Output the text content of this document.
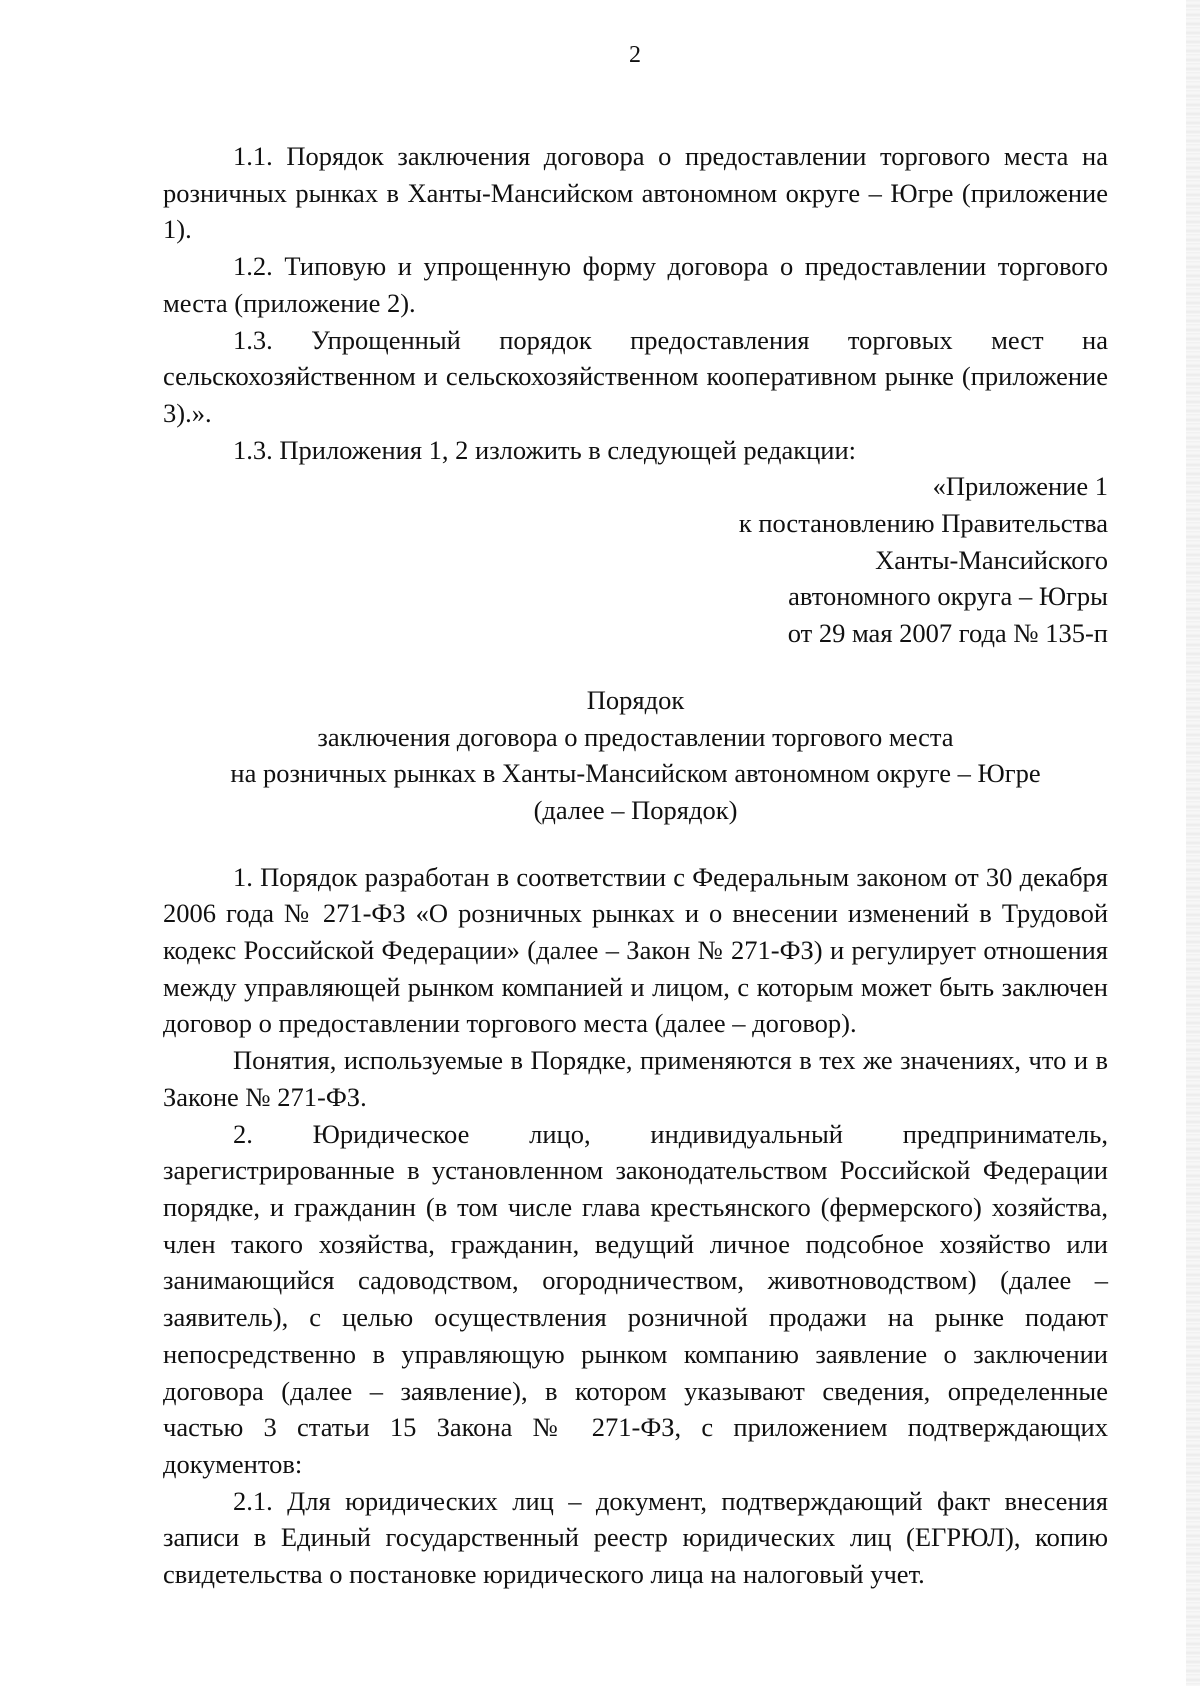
2

1.1. Порядок заключения договора о предоставлении торгового места на розничных рынках в Ханты-Мансийском автономном округе – Югре (приложение 1).

1.2. Типовую и упрощенную форму договора о предоставлении торгового места (приложение 2).

1.3. Упрощенный порядок предоставления торговых мест на сельскохозяйственном и сельскохозяйственном кооперативном рынке (приложение 3).».

1.3. Приложения 1, 2 изложить в следующей редакции:

«Приложение 1

к постановлению Правительства

Ханты-Мансийского

автономного округа – Югры

от 29 мая 2007 года № 135-п

Порядок

заключения договора о предоставлении торгового места

на розничных рынках в Ханты-Мансийском автономном округе – Югре

(далее – Порядок)

1. Порядок разработан в соответствии с Федеральным законом от 30 декабря 2006 года № 271-ФЗ «О розничных рынках и о внесении изменений в Трудовой кодекс Российской Федерации» (далее – Закон № 271-ФЗ) и регулирует отношения между управляющей рынком компанией и лицом, с которым может быть заключен договор о предоставлении торгового места (далее – договор).

Понятия, используемые в Порядке, применяются в тех же значениях, что и в Законе № 271-ФЗ.

2. Юридическое лицо, индивидуальный предприниматель, зарегистрированные в установленном законодательством Российской Федерации порядке, и гражданин (в том числе глава крестьянского (фермерского) хозяйства, член такого хозяйства, гражданин, ведущий личное подсобное хозяйство или занимающийся садоводством, огородничеством, животноводством) (далее – заявитель), с целью осуществления розничной продажи на рынке подают непосредственно в управляющую рынком компанию заявление о заключении договора (далее – заявление), в котором указывают сведения, определенные частью 3 статьи 15 Закона № 271-ФЗ, с приложением подтверждающих документов:

2.1. Для юридических лиц – документ, подтверждающий факт внесения записи в Единый государственный реестр юридических лиц (ЕГРЮЛ), копию свидетельства о постановке юридического лица на налоговый учет.
